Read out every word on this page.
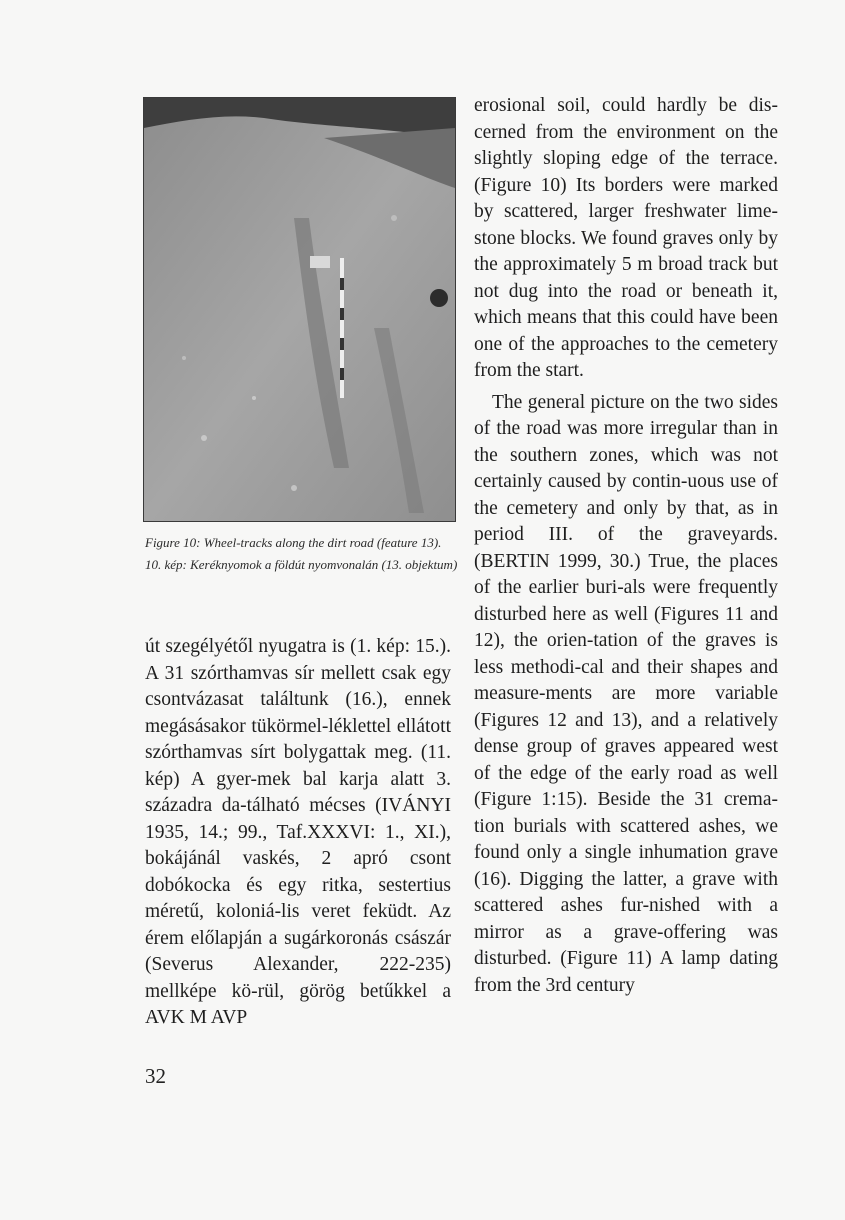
Figure 10: Wheel-tracks along the dirt road (feature 13).

10. kép: Keréknyomok a földút nyomvonalán (13. objektum)

út szegélyétől nyugatra is (1. kép: 15.). A 31 szórthamvas sír mellett csak egy csontvázasat találtunk (16.), ennek megásásakor tükörmel-léklettel ellátott szórthamvas sírt bolygattak meg. (11. kép) A gyer-mek bal karja alatt 3. századra da-tálható mécses (IVÁNYI 1935, 14.; 99., Taf.XXXVI: 1., XI.), bokájánál vaskés, 2 apró csont dobókocka és egy ritka, sestertius méretű, koloniá-lis veret feküdt. Az érem előlapján a sugárkoronás császár (Severus Alexander, 222-235) mellképe kö-rül, görög betűkkel a AVK M AVP

erosional soil, could hardly be dis-cerned from the environment on the slightly sloping edge of the terrace. (Figure 10) Its borders were marked by scattered, larger freshwater lime-stone blocks. We found graves only by the approximately 5 m broad track but not dug into the road or beneath it, which means that this could have been one of the approaches to the cemetery from the start.

The general picture on the two sides of the road was more irregular than in the southern zones, which was not certainly caused by contin-uous use of the cemetery and only by that, as in period III. of the graveyards. (BERTIN 1999, 30.) True, the places of the earlier buri-als were frequently disturbed here as well (Figures 11 and 12), the orien-tation of the graves is less methodi-cal and their shapes and measure-ments are more variable (Figures 12 and 13), and a relatively dense group of graves appeared west of the edge of the early road as well (Figure 1:15). Beside the 31 crema-tion burials with scattered ashes, we found only a single inhumation grave (16). Digging the latter, a grave with scattered ashes fur-nished with a mirror as a grave-offering was disturbed. (Figure 11) A lamp dating from the 3rd century

32
